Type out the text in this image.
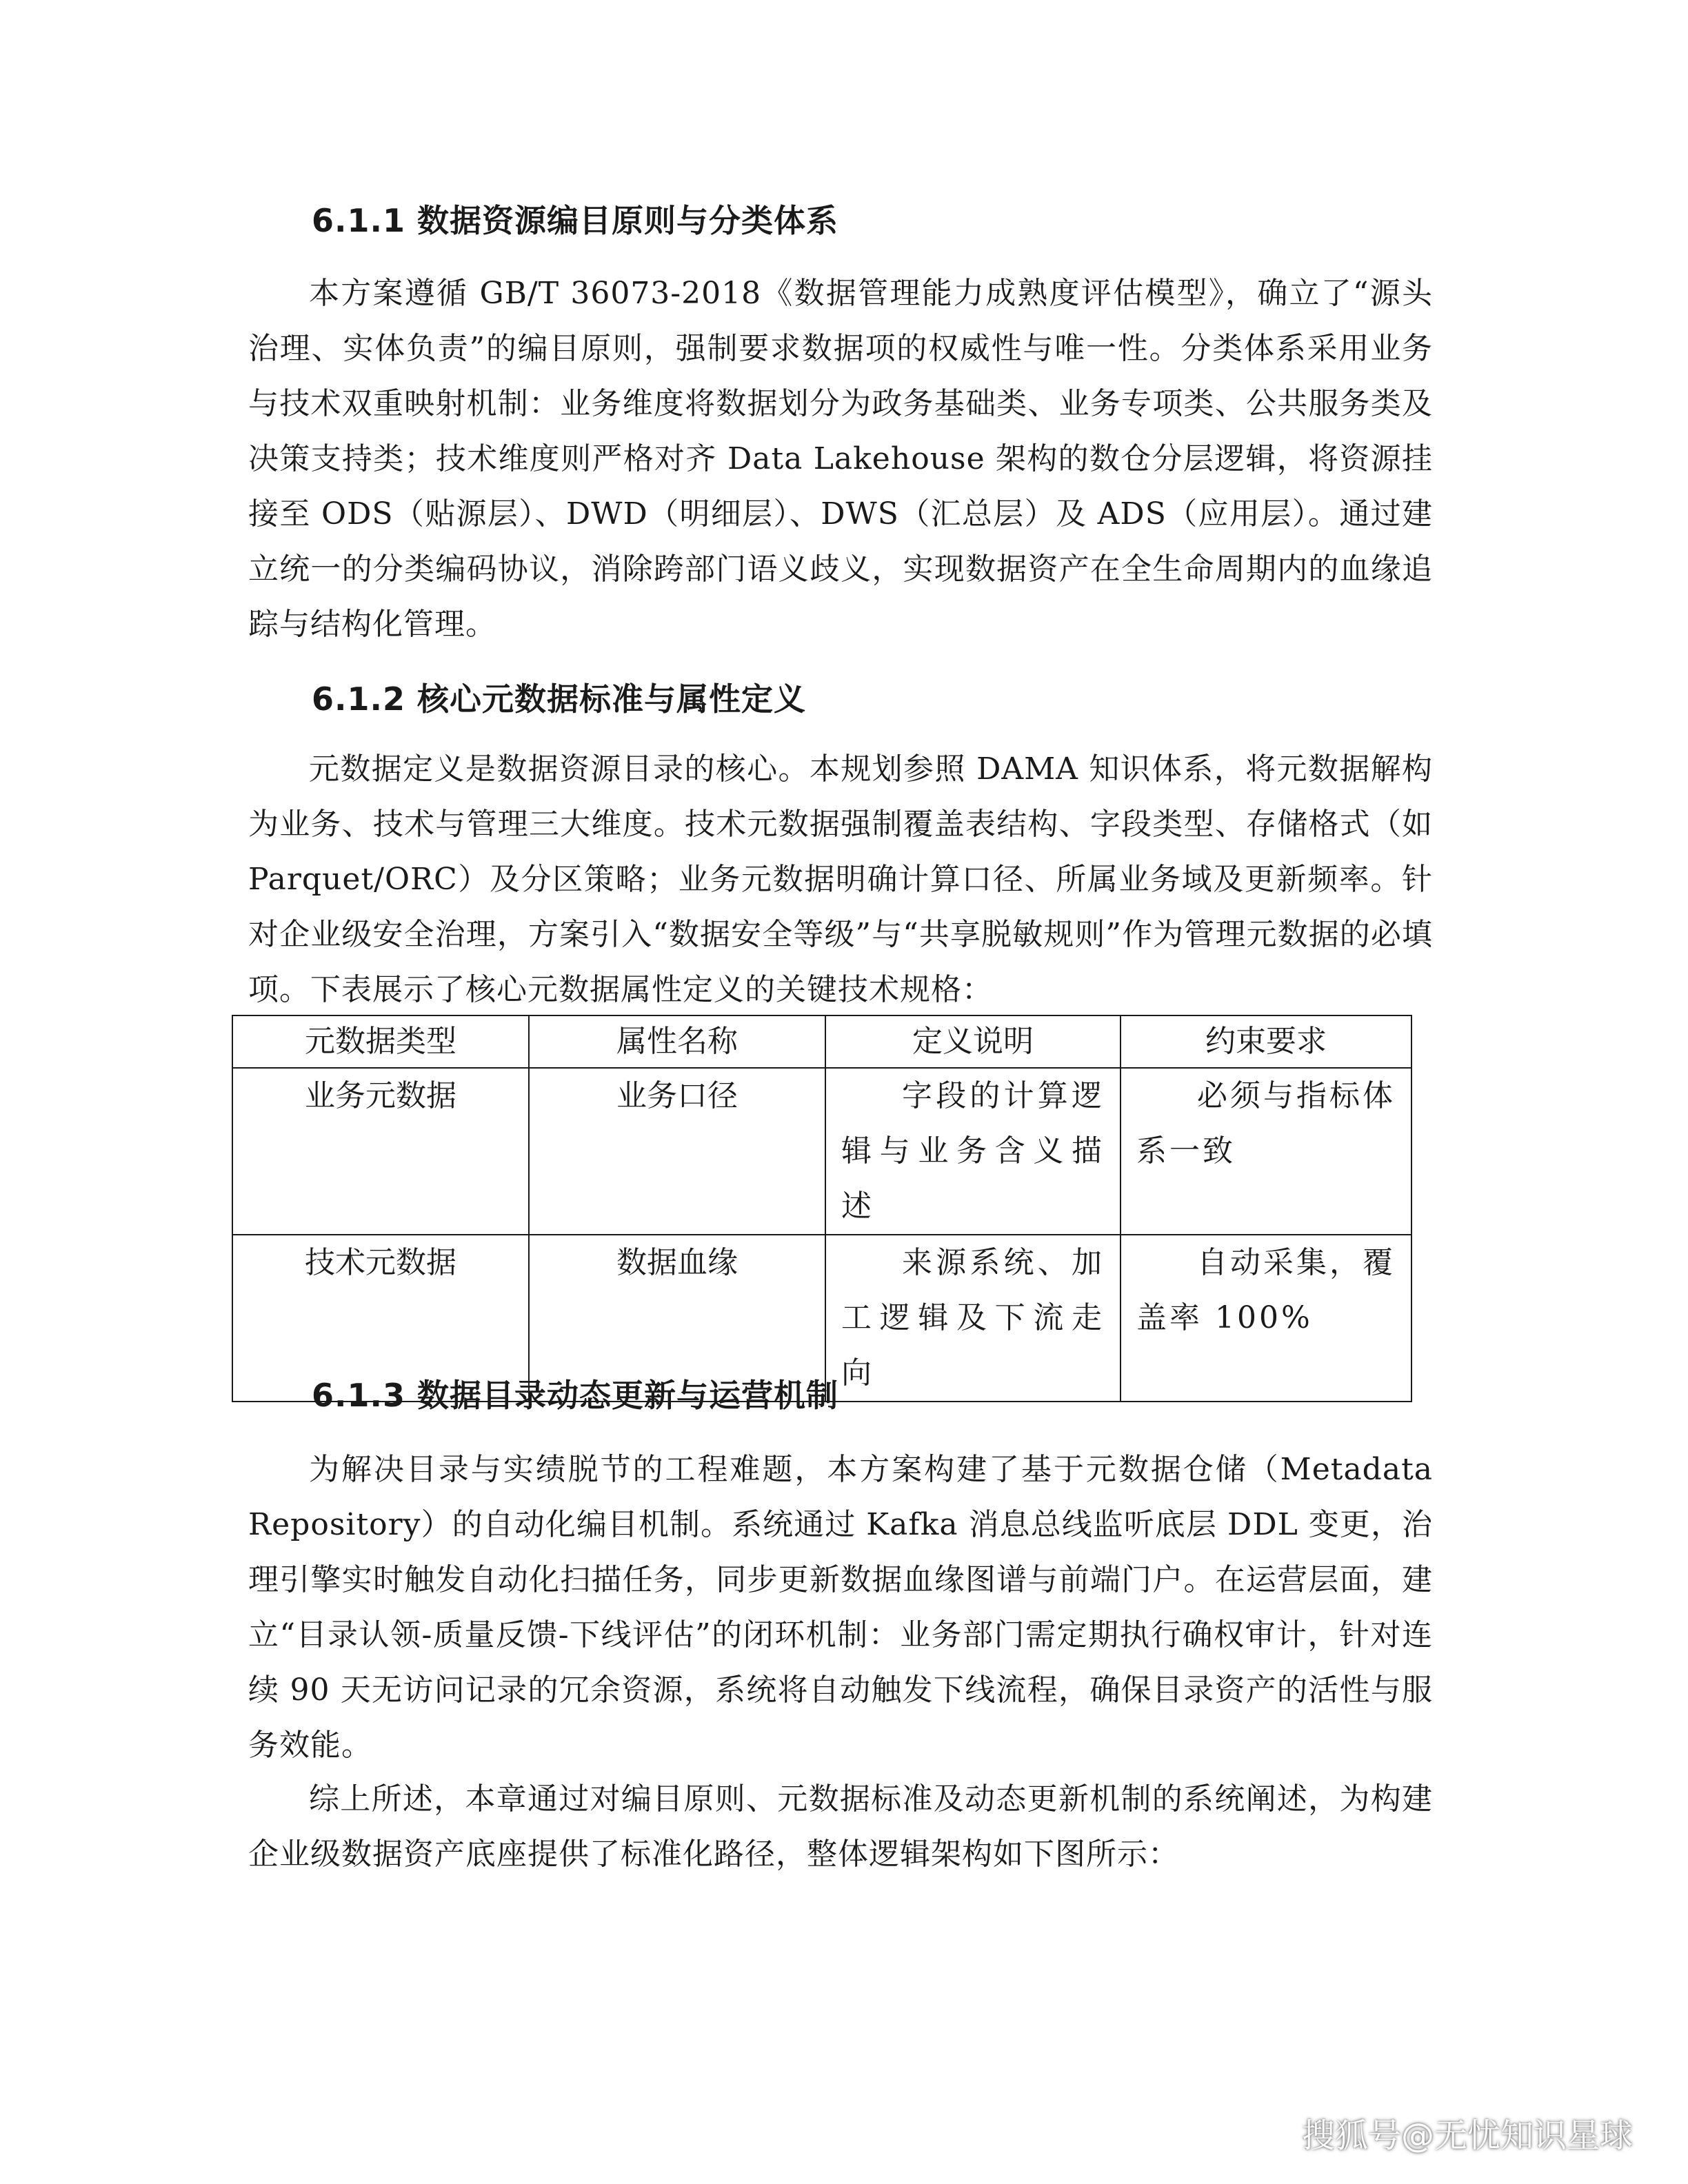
6.1.1 数据资源编目原则与分类体系

本方案遵循 GB/T 36073-2018《数据管理能力成熟度评估模型》，确立了“源头治理、实体负责”的编目原则，强制要求数据项的权威性与唯一性。分类体系采用业务与技术双重映射机制：业务维度将数据划分为政务基础类、业务专项类、公共服务类及决策支持类；技术维度则严格对齐 Data Lakehouse 架构的数仓分层逻辑，将资源挂接至 ODS（贴源层）、DWD（明细层）、DWS（汇总层）及 ADS（应用层）。通过建立统一的分类编码协议，消除跨部门语义歧义，实现数据资产在全生命周期内的血缘追踪与结构化管理。

6.1.2 核心元数据标准与属性定义

元数据定义是数据资源目录的核心。本规划参照 DAMA 知识体系，将元数据解构为业务、技术与管理三大维度。技术元数据强制覆盖表结构、字段类型、存储格式（如 Parquet/ORC）及分区策略；业务元数据明确计算口径、所属业务域及更新频率。针对企业级安全治理，方案引入“数据安全等级”与“共享脱敏规则”作为管理元数据的必填项。下表展示了核心元数据属性定义的关键技术规格：

元数据类型	属性名称	定义说明	约束要求
业务元数据	业务口径	字段的计算逻辑与业务含义描述	必须与指标体系一致
技术元数据	数据血缘	来源系统、加工逻辑及下流走向	自动采集，覆盖率 100%
6.1.3 数据目录动态更新与运营机制

为解决目录与实绩脱节的工程难题，本方案构建了基于元数据仓储（Metadata Repository）的自动化编目机制。系统通过 Kafka 消息总线监听底层 DDL 变更，治理引擎实时触发自动化扫描任务，同步更新数据血缘图谱与前端门户。在运营层面，建立“目录认领-质量反馈-下线评估”的闭环机制：业务部门需定期执行确权审计，针对连续 90 天无访问记录的冗余资源，系统将自动触发下线流程，确保目录资产的活性与服务效能。

综上所述，本章通过对编目原则、元数据标准及动态更新机制的系统阐述，为构建企业级数据资产底座提供了标准化路径，整体逻辑架构如下图所示：

搜狐号@无忧知识星球
